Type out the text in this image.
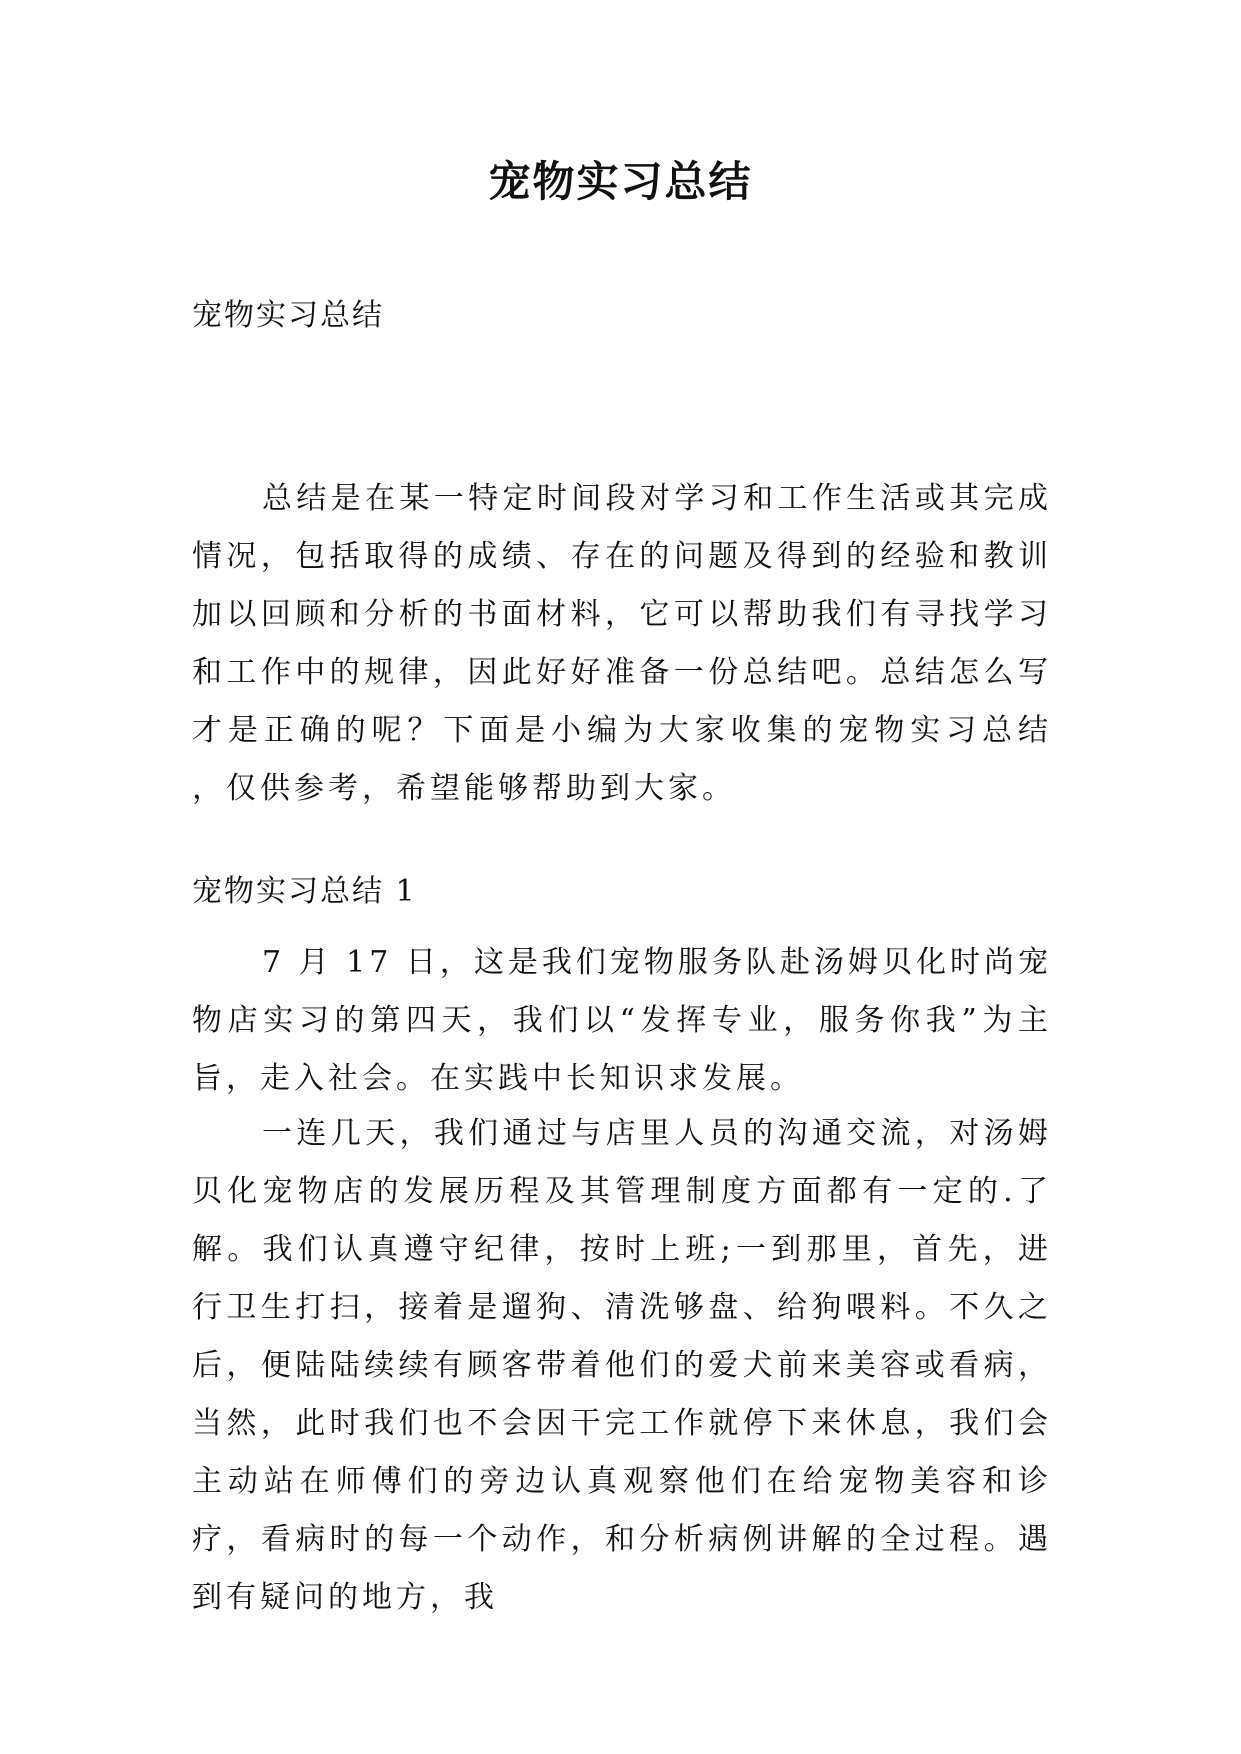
宠物实习总结
宠物实习总结

总结是在某一特定时间段对学习和工作生活或其完成情况，包括取得的成绩、存在的问题及得到的经验和教训加以回顾和分析的书面材料，它可以帮助我们有寻找学习和工作中的规律，因此好好准备一份总结吧。总结怎么写才是正确的呢？下面是小编为大家收集的宠物实习总结 ，仅供参考，希望能够帮助到大家。

宠物实习总结 1

7 月 17 日，这是我们宠物服务队赴汤姆贝化时尚宠物店实习的第四天，我们以“发挥专业，服务你我”为主旨，走入社会。在实践中长知识求发展。

一连几天，我们通过与店里人员的沟通交流，对汤姆贝化宠物店的发展历程及其管理制度方面都有一定的.了解。我们认真遵守纪律，按时上班;一到那里，首先，进行卫生打扫，接着是遛狗、清洗够盘、给狗喂料。不久之后，便陆陆续续有顾客带着他们的爱犬前来美容或看病，当然，此时我们也不会因干完工作就停下来休息，我们会主动站在师傅们的旁边认真观察他们在给宠物美容和诊疗，看病时的每一个动作，和分析病例讲解的全过程。遇到有疑问的地方，我
